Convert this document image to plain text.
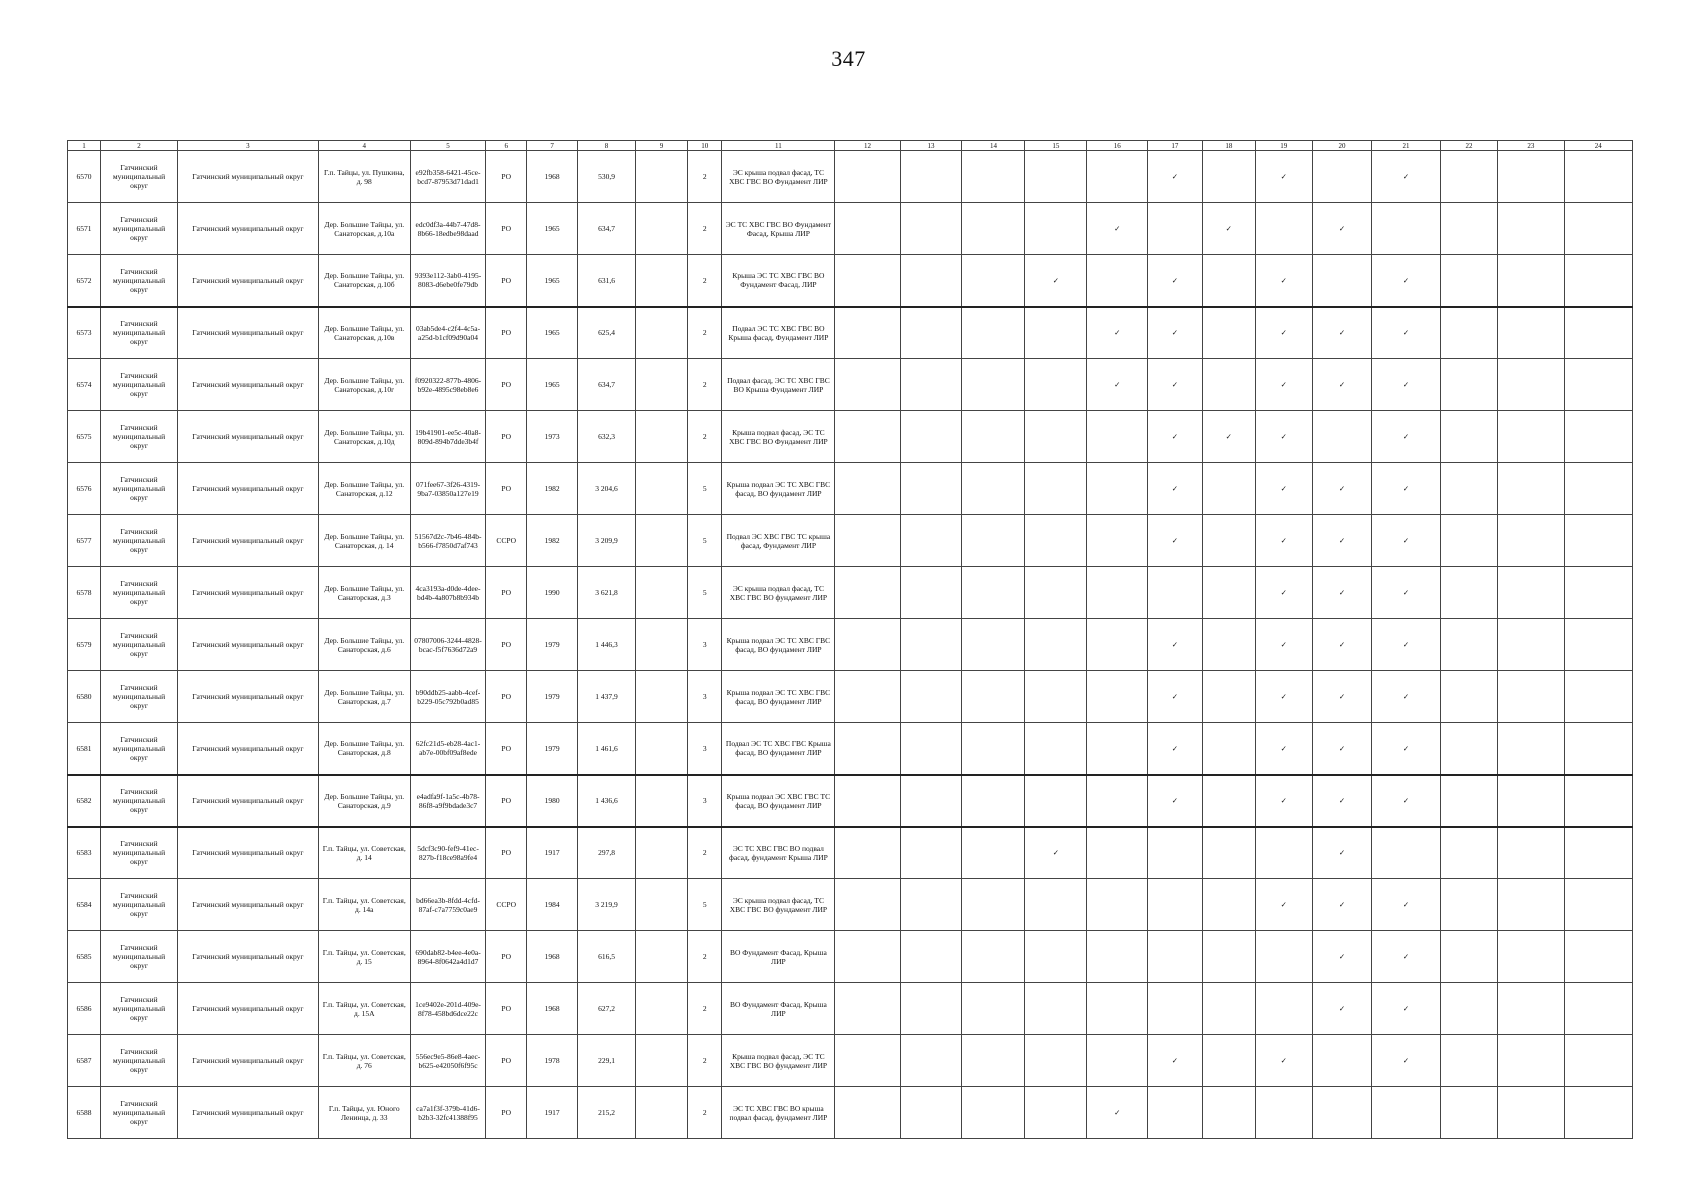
347
1	2	3	4	5	6	7	8	9	10	11	12	13	14	15	16	17	18	19	20	21	22	23	24
6570	Гатчинский муниципальный округ	Гатчинский муниципальный округ	Г.п. Тайцы, ул. Пушкина, д. 98	e92fb358-6421-45ce-bcd7-87953d71dad1	РО	1968	530,9		2	ЭС крыша подвал фасад, ТС ХВС ГВС ВО Фундамент ЛИР						✓		✓		✓			
6571	Гатчинский муниципальный округ	Гатчинский муниципальный округ	Дер. Большие Тайцы, ул. Санаторская, д.10а	edc0df3a-44b7-47d8-8b66-18edbe98daad	РО	1965	634,7		2	ЭС ТС ХВС ГВС ВО Фундамент Фасад, Крыша ЛИР					✓		✓		✓				
6572	Гатчинский муниципальный округ	Гатчинский муниципальный округ	Дер. Большие Тайцы, ул. Санаторская, д.10б	9393e112-3ab0-4195-8083-d6ebe0fe79db	РО	1965	631,6		2	Крыша ЭС ТС ХВС ГВС ВО Фундамент Фасад, ЛИР				✓		✓		✓		✓			
6573	Гатчинский муниципальный округ	Гатчинский муниципальный округ	Дер. Большие Тайцы, ул. Санаторская, д.10в	03ab5de4-c2f4-4c5a-a25d-b1cf09d90a04	РО	1965	625,4		2	Подвал ЭС ТС ХВС ГВС ВО Крыша фасад, Фундамент ЛИР					✓	✓		✓	✓	✓			
6574	Гатчинский муниципальный округ	Гатчинский муниципальный округ	Дер. Большие Тайцы, ул. Санаторская, д.10г	f0920322-877b-4806-b92e-4895c98eb8e6	РО	1965	634,7		2	Подвал фасад, ЭС ТС ХВС ГВС ВО Крыша Фундамент ЛИР					✓	✓		✓	✓	✓			
6575	Гатчинский муниципальный округ	Гатчинский муниципальный округ	Дер. Большие Тайцы, ул. Санаторская, д.10д	19b41901-ee5c-40a8-809d-894b7dde3b4f	РО	1973	632,3		2	Крыша подвал фасад, ЭС ТС ХВС ГВС ВО Фундамент ЛИР						✓	✓	✓		✓			
6576	Гатчинский муниципальный округ	Гатчинский муниципальный округ	Дер. Большие Тайцы, ул. Санаторская, д.12	071fee67-3f26-4319-9ba7-03850a127e19	РО	1982	3 204,6		5	Крыша подвал ЭС ТС ХВС ГВС фасад, ВО фундамент ЛИР						✓		✓	✓	✓			
6577	Гатчинский муниципальный округ	Гатчинский муниципальный округ	Дер. Большие Тайцы, ул. Санаторская, д. 14	51567d2c-7b46-484b-b566-f7850d7af743	ССРО	1982	3 209,9		5	Подвал ЭС ХВС ГВС ТС крыша фасад, Фундамент ЛИР						✓		✓	✓	✓			
6578	Гатчинский муниципальный округ	Гатчинский муниципальный округ	Дер. Большие Тайцы, ул. Санаторская, д.3	4ca3193a-d0de-4dee-bd4b-4a807b8b934b	РО	1990	3 621,8		5	ЭС крыша подвал фасад, ТС ХВС ГВС ВО фундамент ЛИР								✓	✓	✓			
6579	Гатчинский муниципальный округ	Гатчинский муниципальный округ	Дер. Большие Тайцы, ул. Санаторская, д.6	07807006-3244-4828-bcac-f5f7636d72a9	РО	1979	1 446,3		3	Крыша подвал ЭС ТС ХВС ГВС фасад, ВО фундамент ЛИР						✓		✓	✓	✓			
6580	Гатчинский муниципальный округ	Гатчинский муниципальный округ	Дер. Большие Тайцы, ул. Санаторская, д.7	b90ddb25-aabb-4cef-b229-05c792b0ad85	РО	1979	1 437,9		3	Крыша подвал ЭС ТС ХВС ГВС фасад, ВО фундамент ЛИР						✓		✓	✓	✓			
6581	Гатчинский муниципальный округ	Гатчинский муниципальный округ	Дер. Большие Тайцы, ул. Санаторская, д.8	62fc21d5-eb28-4ac1-ab7e-00bf09af8ede	РО	1979	1 461,6		3	Подвал ЭС ТС ХВС ГВС Крыша фасад, ВО фундамент ЛИР						✓		✓	✓	✓			
6582	Гатчинский муниципальный округ	Гатчинский муниципальный округ	Дер. Большие Тайцы, ул. Санаторская, д.9	e4adfa9f-1a5c-4b78-86f8-a9f9bdade3c7	РО	1980	1 436,6		3	Крыша подвал ЭС ХВС ГВС ТС фасад, ВО фундамент ЛИР						✓		✓	✓	✓			
6583	Гатчинский муниципальный округ	Гатчинский муниципальный округ	Г.п. Тайцы, ул. Советская, д. 14	5dcf3c90-fef9-41ec-827b-f18ce98a9fe4	РО	1917	297,8		2	ЭС ТС ХВС ГВС ВО подвал фасад, фундамент Крыша ЛИР				✓					✓				
6584	Гатчинский муниципальный округ	Гатчинский муниципальный округ	Г.п. Тайцы, ул. Советская, д. 14а	bd66ea3b-8fdd-4cfd-87af-c7a7759c0ae9	ССРО	1984	3 219,9		5	ЭС крыша подвал фасад, ТС ХВС ГВС ВО фундамент ЛИР								✓	✓	✓			
6585	Гатчинский муниципальный округ	Гатчинский муниципальный округ	Г.п. Тайцы, ул. Советская, д. 15	690dab82-b4ee-4e0a-8964-8f0642a4d1d7	РО	1968	616,5		2	ВО Фундамент Фасад, Крыша ЛИР									✓	✓			
6586	Гатчинский муниципальный округ	Гатчинский муниципальный округ	Г.п. Тайцы, ул. Советская, д. 15А	1ce9402e-201d-409e-8f78-458bd6dce22c	РО	1968	627,2		2	ВО Фундамент Фасад, Крыша ЛИР									✓	✓			
6587	Гатчинский муниципальный округ	Гатчинский муниципальный округ	Г.п. Тайцы, ул. Советская, д. 76	556ec9e5-86e8-4aec-b625-e42050f6f95c	РО	1978	229,1		2	Крыша подвал фасад, ЭС ТС ХВС ГВС ВО фундамент ЛИР						✓		✓		✓			
6588	Гатчинский муниципальный округ	Гатчинский муниципальный округ	Г.п. Тайцы, ул. Юного Ленинца, д. 33	ca7a1f3f-379b-41d6-b2b3-32fc41388f95	РО	1917	215,2		2	ЭС ТС ХВС ГВС ВО крыша подвал фасад, фундамент ЛИР					✓								
